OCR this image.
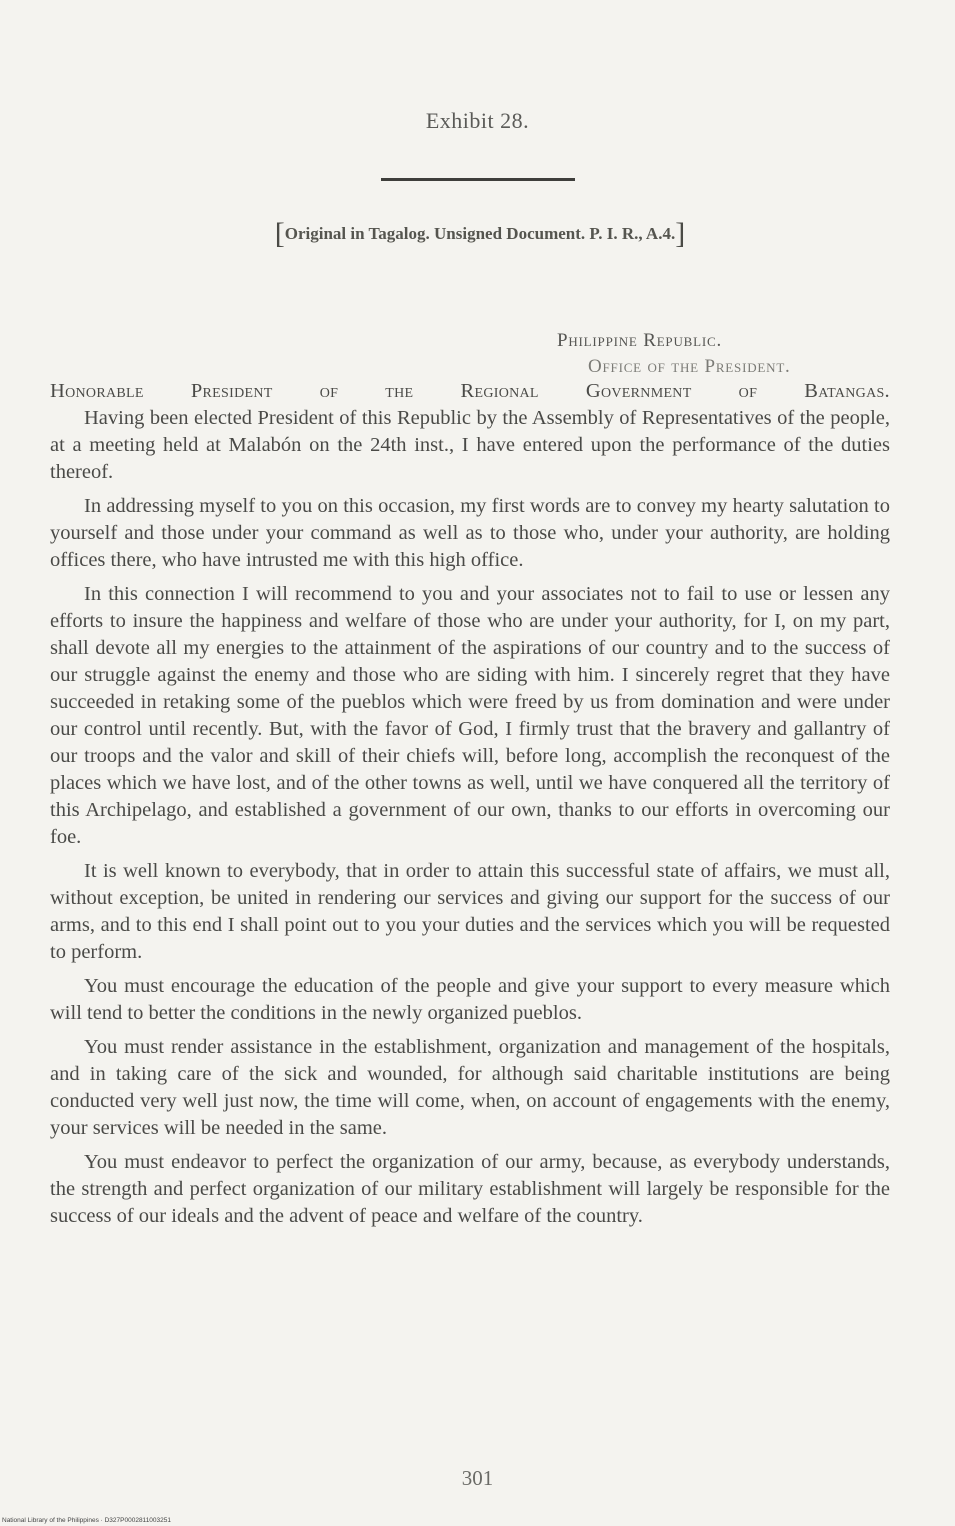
Exhibit 28.
[Original in Tagalog. Unsigned Document. P. I. R., A.4.]
Philippine Republic.
Office of the President.

Honorable President of the Regional Government of Batangas.

Having been elected President of this Republic by the Assembly of Representatives of the people, at a meeting held at Malabón on the 24th inst., I have entered upon the performance of the duties thereof.

In addressing myself to you on this occasion, my first words are to convey my hearty salutation to yourself and those under your command as well as to those who, under your authority, are holding offices there, who have intrusted me with this high office.

In this connection I will recommend to you and your associates not to fail to use or lessen any efforts to insure the happiness and welfare of those who are under your authority, for I, on my part, shall devote all my energies to the attainment of the aspirations of our country and to the success of our struggle against the enemy and those who are siding with him. I sincerely regret that they have succeeded in retaking some of the pueblos which were freed by us from domination and were under our control until recently. But, with the favor of God, I firmly trust that the bravery and gallantry of our troops and the valor and skill of their chiefs will, before long, accomplish the reconquest of the places which we have lost, and of the other towns as well, until we have conquered all the territory of this Archipelago, and established a government of our own, thanks to our efforts in overcoming our foe.

It is well known to everybody, that in order to attain this successful state of affairs, we must all, without exception, be united in rendering our services and giving our support for the success of our arms, and to this end I shall point out to you your duties and the services which you will be requested to perform.

You must encourage the education of the people and give your support to every measure which will tend to better the conditions in the newly organized pueblos.

You must render assistance in the establishment, organization and management of the hospitals, and in taking care of the sick and wounded, for although said charitable institutions are being conducted very well just now, the time will come, when, on account of engagements with the enemy, your services will be needed in the same.

You must endeavor to perfect the organization of our army, because, as everybody understands, the strength and perfect organization of our military establishment will largely be responsible for the success of our ideals and the advent of peace and welfare of the country.

301
National Library of the Philippines · D327P0002811003251
